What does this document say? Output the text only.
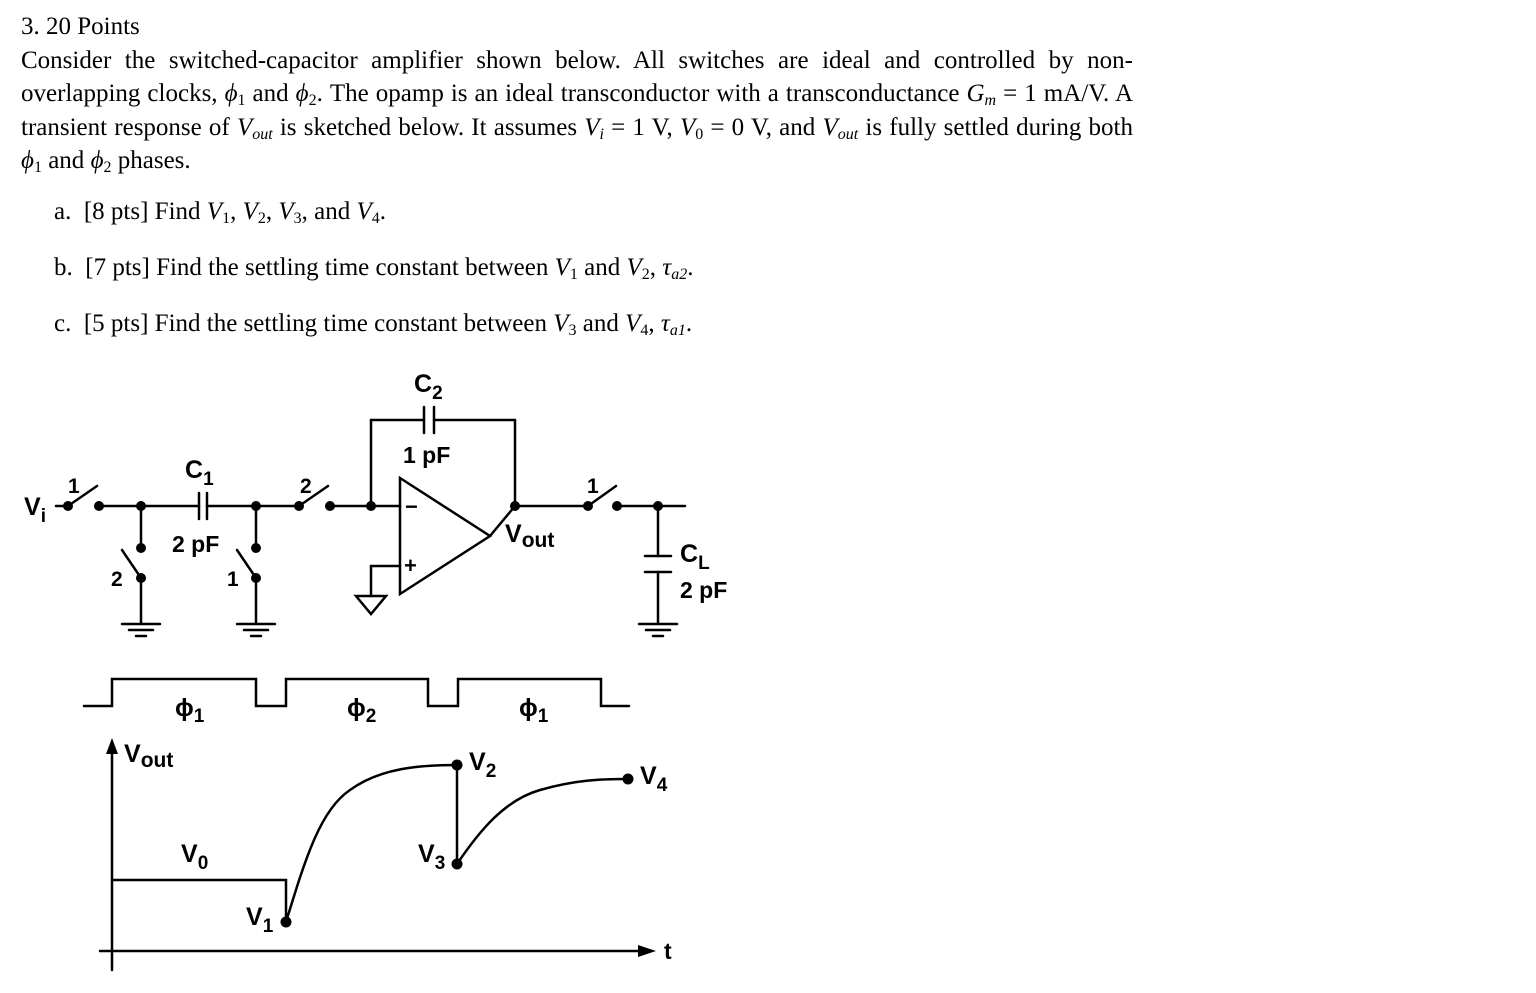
3. 20 Points

Consider the switched-capacitor amplifier shown below. All switches are ideal and controlled by non-overlapping clocks, $\phi_1$ and $\phi_2$. The opamp is an ideal transconductor with a transconductance Gm = 1 mA/V. A transient response of Vout is sketched below. It assumes Vi = 1 V, $V_0 = 0$ V, and Vout is fully settled during both $\phi_1$ and $\phi_2$ phases.

a. [8 pts] Find $V_1$, $V_2$, $V_3$, and $V_4$.
b. [7 pts] Find the settling time constant between $V_1$ and $V_2$, τa2.
c. [5 pts] Find the settling time constant between $V_3$ and $V_4$, τa1.
$V_i$
1
$C_1$
2 pF
2	1
2
$C_2$
1 pF
−
+
$V_{out}$
1
$C_L$
2 pF
$\phi_1$	$\phi_2$	$\phi_1$
$V_{out}$
$V_0$
$V_1$
$V_2$
$V_3$
$V_4$
t
